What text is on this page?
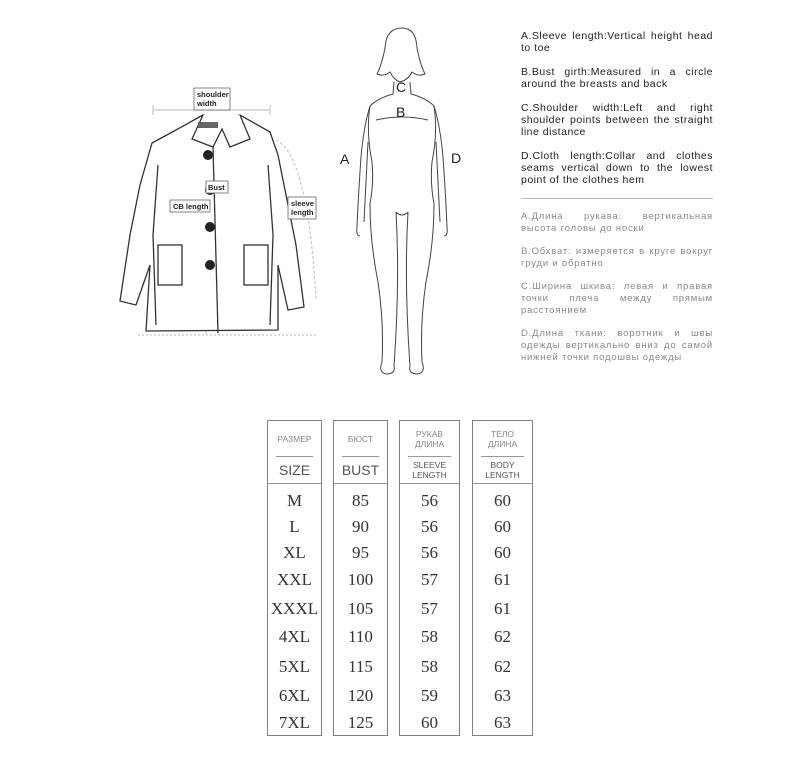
shoulder
width
Bust
CB length	sleeve
length
A
B
C
D
A.Sleeve length:Vertical height head to toe
B.Bust girth:Measured in a circle around the breasts and back
C.Shoulder width:Left and right shoulder points between the straight line distance
D.Cloth length:Collar and clothes seams vertical down to the lowest point of the clothes hem
A.Длина рукава: вертикальная высота головы до носки
B.Обхват: измеряется в круге вокруг груди и обратно
C.Ширина шкива: левая и правая точки плеча между прямым расстоянием
D.Длина ткани: воротник и швы одежды вертикально вниз до самой нижней точки подошвы одежды
РАЗМЕР
SIZE
M
L
XL
XXL
XXXL
4XL
5XL
6XL
7XL
БЮСТ
BUST
85
90
95
100
105
110
115
120
125
РУКАВ
ДЛИНА
SLEEVE
LENGTH
56
56
56
57
57
58
58
59
60
ТЕЛО
ДЛИНА
BODY
LENGTH
60
60
60
61
61
62
62
63
63
